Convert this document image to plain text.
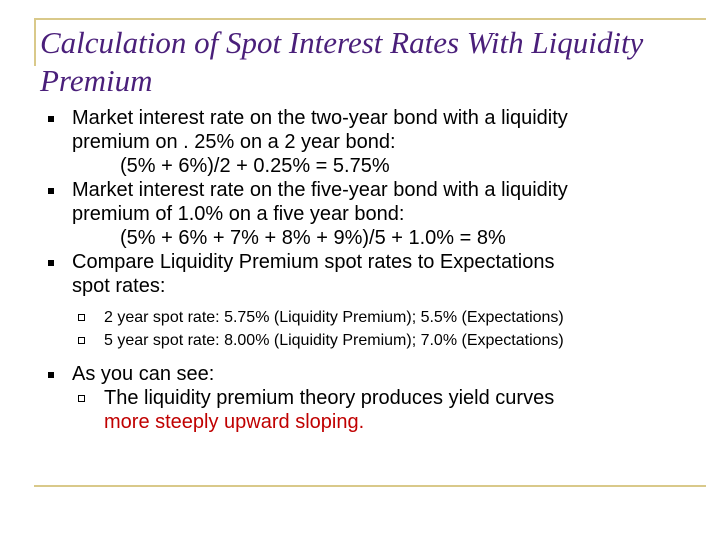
Calculation of Spot Interest Rates With Liquidity Premium
Market interest rate on the two-year bond with a liquidity
premium on . 25% on a 2 year bond:
(5% + 6%)/2 + 0.25% = 5.75%
Market interest rate on the five-year bond with a liquidity
premium of 1.0% on a five year bond:
(5% + 6% + 7% + 8% + 9%)/5 + 1.0% = 8%
Compare Liquidity Premium spot rates to Expectations
spot rates:
2 year spot rate: 5.75% (Liquidity Premium); 5.5% (Expectations)
5 year spot rate: 8.00% (Liquidity Premium); 7.0% (Expectations)
As you can see:
The liquidity premium theory produces yield curves
more steeply upward sloping.
